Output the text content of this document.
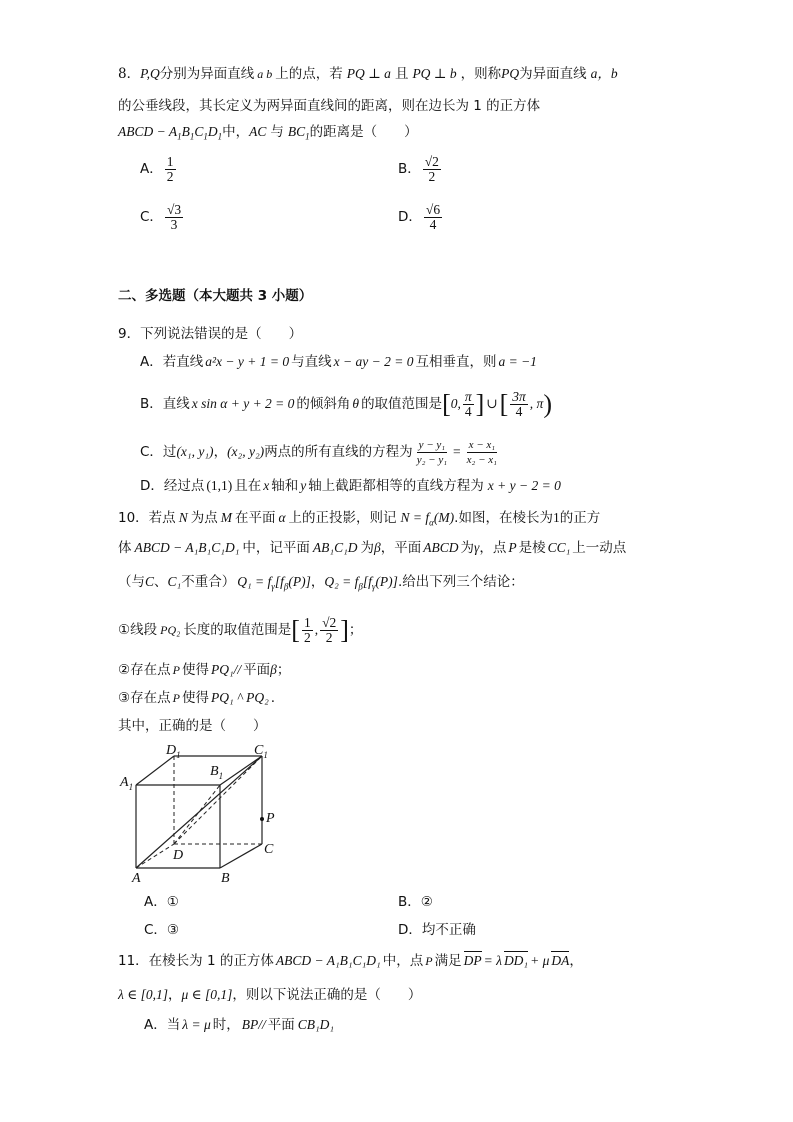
8．P,Q分别为异面直线 a b 上的点，若 PQ ⊥ a 且 PQ ⊥ b ，则称PQ为异面直线 a，b
的公垂线段，其长定义为两异面直线间的距离，则在边长为 1 的正方体
ABCD − $A_1B_1C_1D_1$中，AC 与 $BC_1$的距离是（　　）
A． $\frac{1}{2}$	B． $\frac{√2}{2}$
C． $\frac{√3}{3}$	D． $\frac{√6}{4}$
二、多选题（本大题共 3 小题）
9．下列说法错误的是（　　）
A．若直线 a²x − y + 1 = 0 与直线 x − ay − 2 = 0 互相垂直，则 a = −1
B．直线 x sin α + y + 2 = 0 的倾斜角 θ 的取值范围是[0, $\frac{\pi}{4}$ ] ∪[ $\frac{3\pi}{4}$ , π)
C．过(x₁, y₁)，(x₂, y₂)两点的所有直线的方程为 $\frac{\text{y − y₁}}{\text{y₂ − y₁}} = \frac{\text{x − x₁}}{\text{x₂ − x₁}}$
D．经过点 (1,1) 且在 x 轴和 y 轴上截距都相等的直线方程为 x + y − 2 = 0
10．若点 N 为点 M 在平面 α 上的正投影，则记 $N = f_\alpha(M)$.如图，在棱长为1的正方
体 ABCD − A₁B₁C₁D₁ 中，记平面 AB₁C₁D 为β，平面 ABCD 为γ，点 P 是棱 CC₁ 上一动点
（与C、C₁不重合） $Q_1 = f_\gamma[f_\beta(P)]$，$Q_2 = f_\beta[f_\gamma(P)]$.给出下列三个结论：
①线段 PQ₂ 长度的取值范围是[ $\frac{1}{2}$ , $\frac{√2}{2}$ ]；
②存在点 P 使得 PQ₁// 平面β；
③存在点 P 使得 PQ₁ ^ PQ₂ .
其中，正确的是（　　）
$D_1$	$C_1$
$A_1$
$B_1$
P
D	C
A	B
A．①	B．②
C．③	D．均不正确
11．在棱长为 1 的正方体 ABCD − A₁B₁C₁D₁ 中，点 P 满足 DP = λ DD₁ + μ DA，
λ ∈ [0,1]，μ ∈ [0,1]，则以下说法正确的是（　　）
A．当 λ = μ 时， BP// 平面 CB₁D₁
